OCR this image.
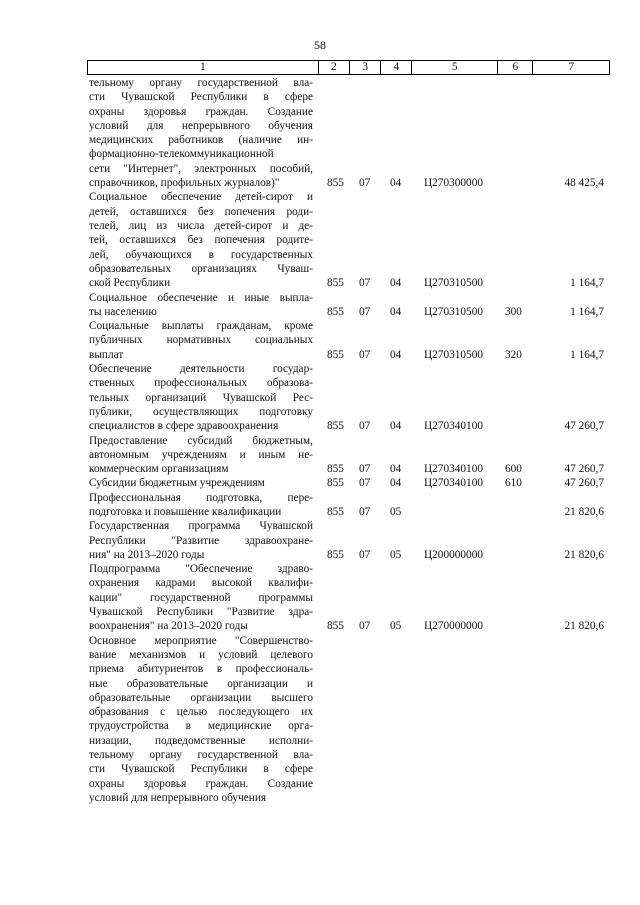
58
1	2	3	4	5	6	7
тельному органу государственной вла-
сти Чувашской Республики в сфере
охраны здоровья граждан. Создание
условий для непрерывного обучения
медицинских работников (наличие ин-
формационно-телекоммуникационной
сети "Интернет", электронных пособий,
справочников, профильных журналов)"	855 07 04 Ц270300000	48 425,4
Социальное обеспечение детей-сирот и
детей, оставшихся без попечения роди-
телей, лиц из числа детей-сирот и де-
тей, оставшихся без попечения родите-
лей, обучающихся в государственных
образовательных организациях Чуваш-
ской Республики	855 07 04 Ц270310500	1 164,7
Социальное обеспечение и иные выпла-
ты населению	855 07 04 Ц270310500 300	1 164,7
Социальные выплаты гражданам, кроме
публичных нормативных социальных
выплат	855 07 04 Ц270310500 320	1 164,7
Обеспечение деятельности государ-
ственных профессиональных образова-
тельных организаций Чувашской Рес-
публики, осуществляющих подготовку
специалистов в сфере здравоохранения	855 07 04 Ц270340100	47 260,7
Предоставление субсидий бюджетным,
автономным учреждениям и иным не-
коммерческим организациям	855 07 04 Ц270340100 600	47 260,7
Субсидии бюджетным учреждениям	855 07 04 Ц270340100 610	47 260,7
Профессиональная подготовка, пере-
подготовка и повышение квалификации	855 07 05	21 820,6
Государственная программа Чувашской
Республики "Развитие здравоохране-
ния" на 2013–2020 годы	855 07 05 Ц200000000	21 820,6
Подпрограмма "Обеспечение здраво-
охранения кадрами высокой квалифи-
кации" государственной программы
Чувашской Республики "Развитие здра-
воохранения" на 2013–2020 годы	855 07 05 Ц270000000	21 820,6
Основное мероприятие "Совершенство-
вание механизмов и условий целевого
приема абитуриентов в профессиональ-
ные образовательные организации и
образовательные организации высшего
образования с целью последующего их
трудоустройства в медицинские орга-
низации, подведомственные исполни-
тельному органу государственной вла-
сти Чувашской Республики в сфере
охраны здоровья граждан. Создание
условий для непрерывного обучения
